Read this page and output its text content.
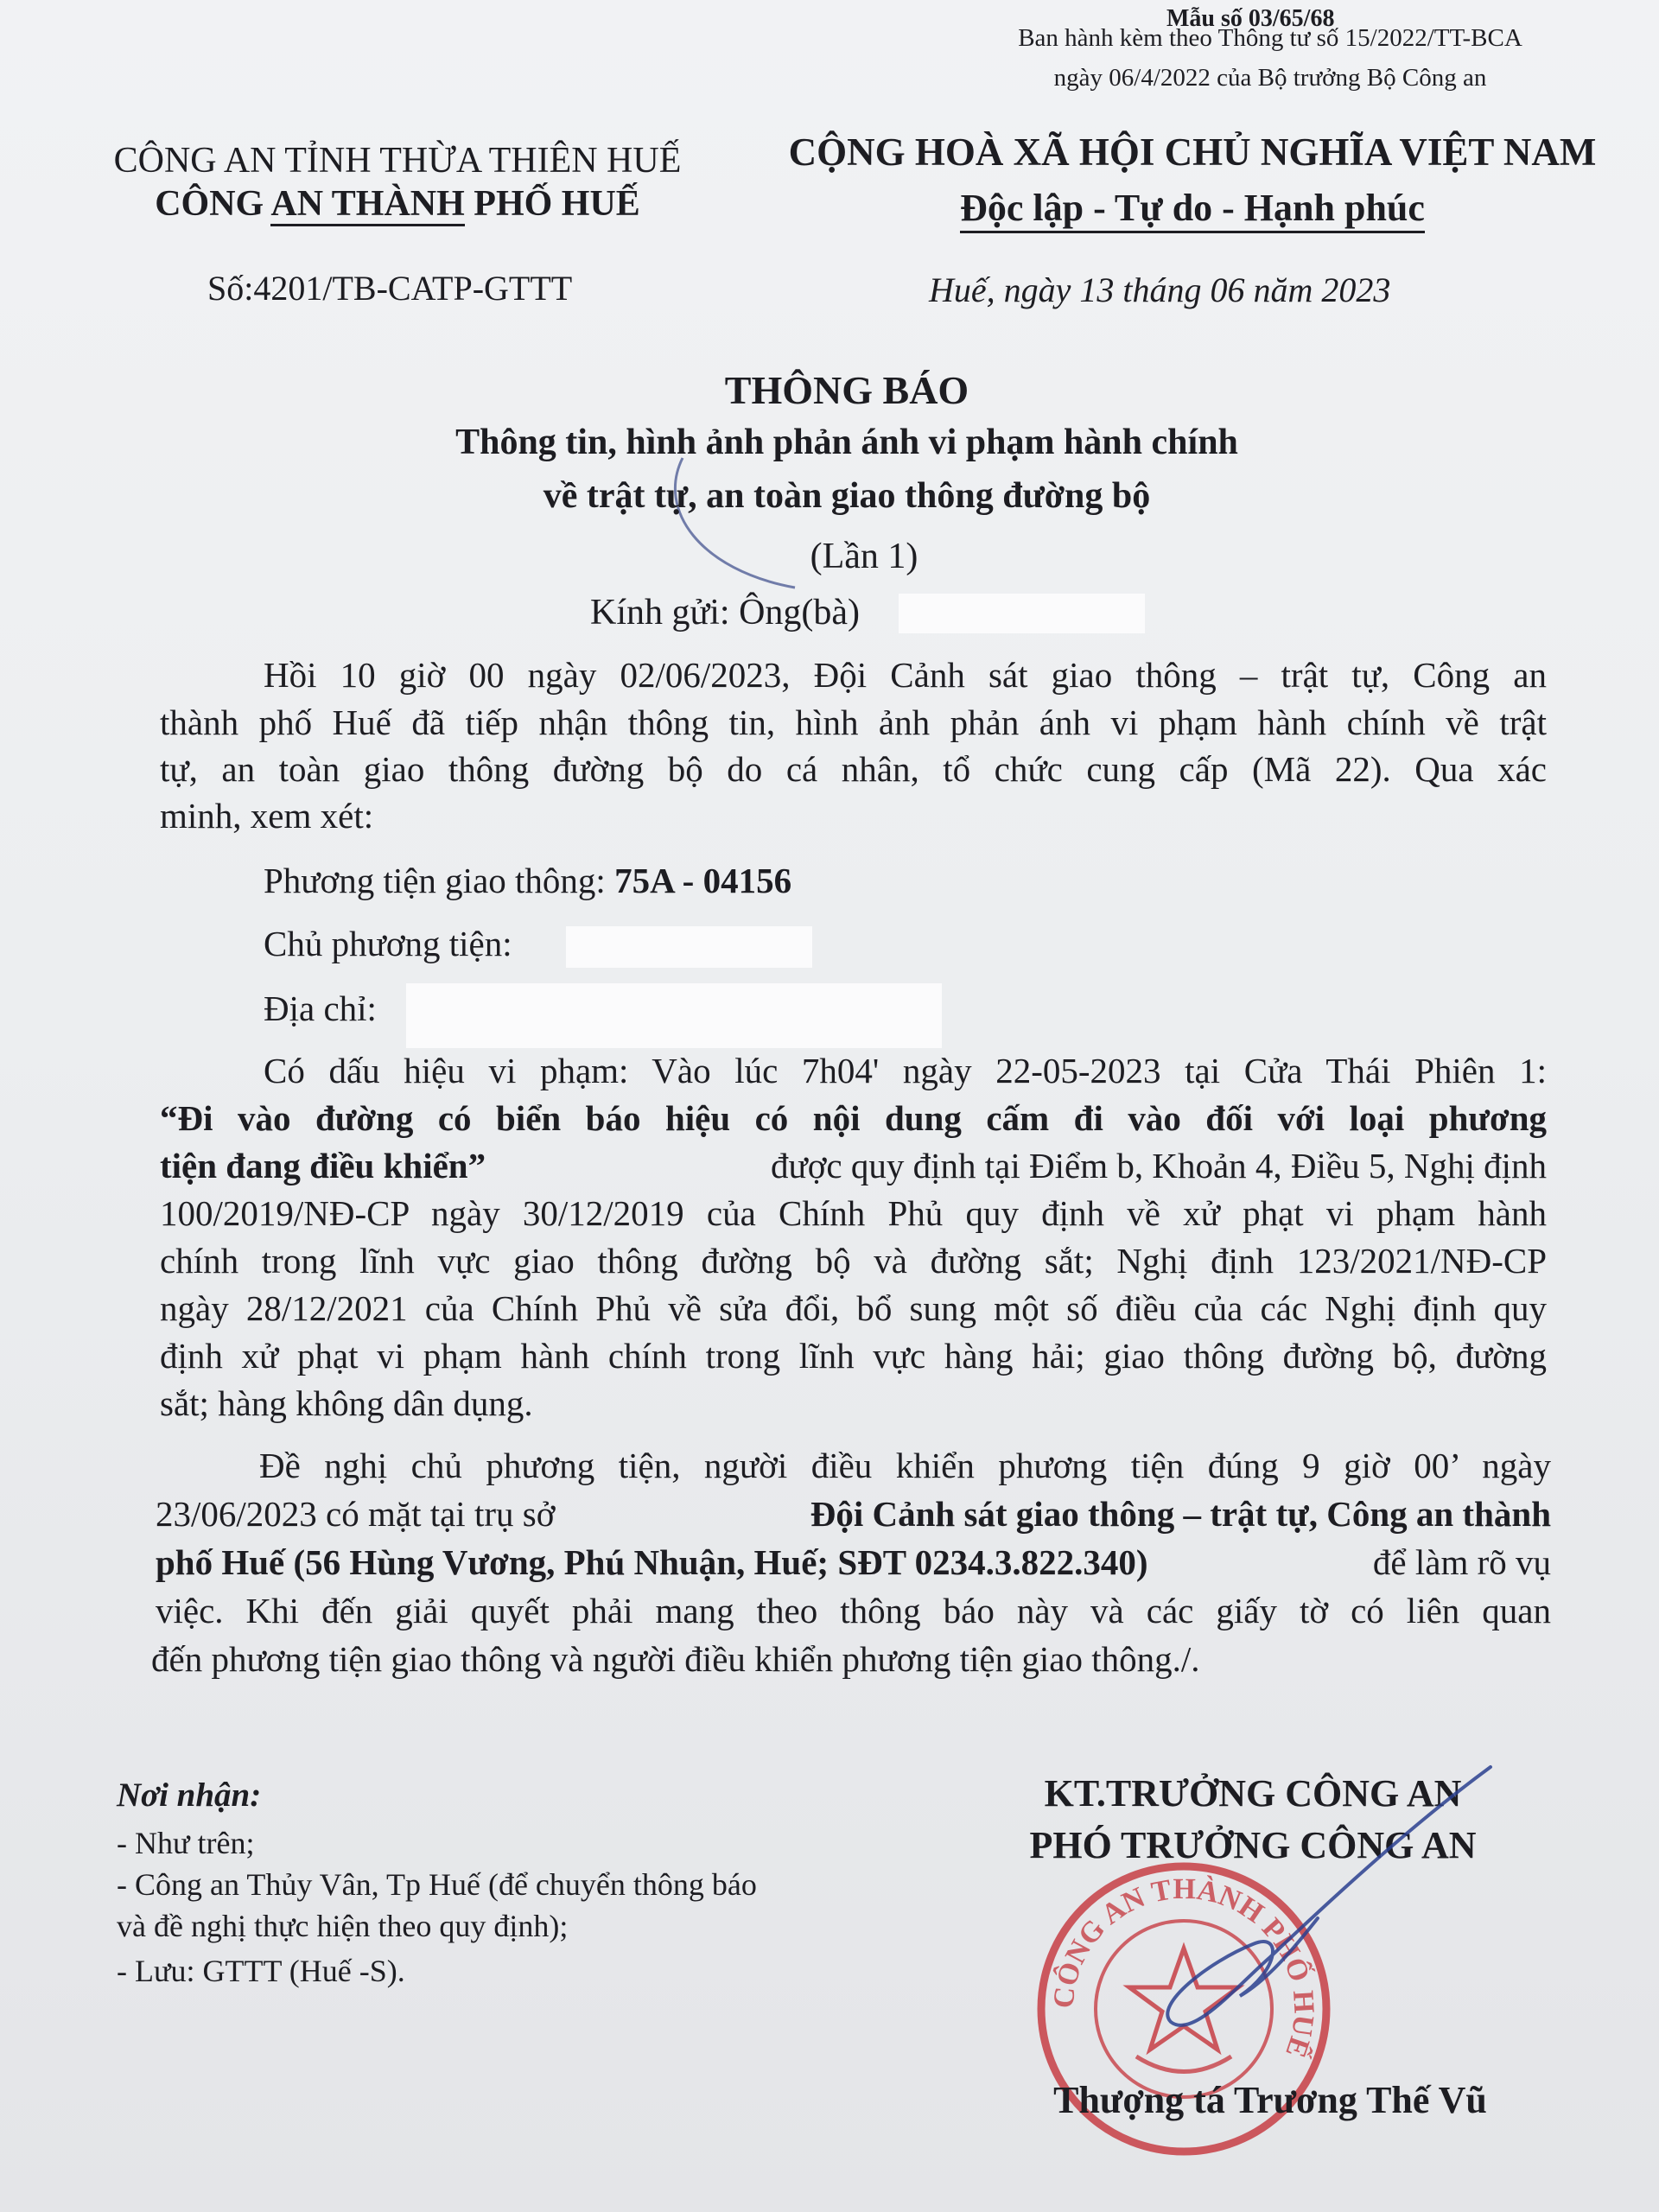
Mẫu số 03/65/68
Ban hành kèm theo Thông tư số 15/2022/TT-BCA
ngày 06/4/2022 của Bộ trưởng Bộ Công an
CÔNG AN TỈNH THỪA THIÊN HUẾ
CÔNG AN THÀNH PHỐ HUẾ
Số:4201/TB-CATP-GTTT
CỘNG HOÀ XÃ HỘI CHỦ NGHĨA VIỆT NAM
Độc lập - Tự do - Hạnh phúc
Huế, ngày 13 tháng 06 năm 2023
THÔNG BÁO
Thông tin, hình ảnh phản ánh vi phạm hành chính
về trật tự, an toàn giao thông đường bộ
(Lần 1)
Kính gửi: Ông(bà)
Hồi 10 giờ 00 ngày 02/06/2023, Đội Cảnh sát giao thông – trật tự, Công an
thành phố Huế đã tiếp nhận thông tin, hình ảnh phản ánh vi phạm hành chính về trật
tự, an toàn giao thông đường bộ do cá nhân, tổ chức cung cấp (Mã 22). Qua xác
minh, xem xét:
Phương tiện giao thông: 75A - 04156
Chủ phương tiện:
Địa chỉ:
Có dấu hiệu vi phạm: Vào lúc 7h04' ngày 22-05-2023 tại Cửa Thái Phiên 1:
“Đi vào đường có biển báo hiệu có nội dung cấm đi vào đối với loại phương
tiện đang điều khiển”	được quy định tại Điểm b, Khoản 4, Điều 5, Nghị định
100/2019/NĐ-CP ngày 30/12/2019 của Chính Phủ quy định về xử phạt vi phạm hành
chính trong lĩnh vực giao thông đường bộ và đường sắt; Nghị định 123/2021/NĐ-CP
ngày 28/12/2021 của Chính Phủ về sửa đổi, bổ sung một số điều của các Nghị định quy
định xử phạt vi phạm hành chính trong lĩnh vực hàng hải; giao thông đường bộ, đường
sắt; hàng không dân dụng.
Đề nghị chủ phương tiện, người điều khiển phương tiện đúng 9 giờ 00’ ngày
23/06/2023 có mặt tại trụ sở	Đội Cảnh sát giao thông – trật tự, Công an thành
phố Huế (56 Hùng Vương, Phú Nhuận, Huế; SĐT 0234.3.822.340)	để làm rõ vụ
việc. Khi đến giải quyết phải mang theo thông báo này và các giấy tờ có liên quan
đến phương tiện giao thông và người điều khiển phương tiện giao thông./.
Nơi nhận:
- Như trên;
- Công an Thủy Vân, Tp Huế (để chuyển thông báo
và đề nghị thực hiện theo quy định);
- Lưu: GTTT (Huế -S).
KT.TRƯỞNG CÔNG AN
PHÓ TRƯỞNG CÔNG AN
CÔNG AN THÀNH PHỐ HUẾ
Thượng tá Trương Thế Vũ
